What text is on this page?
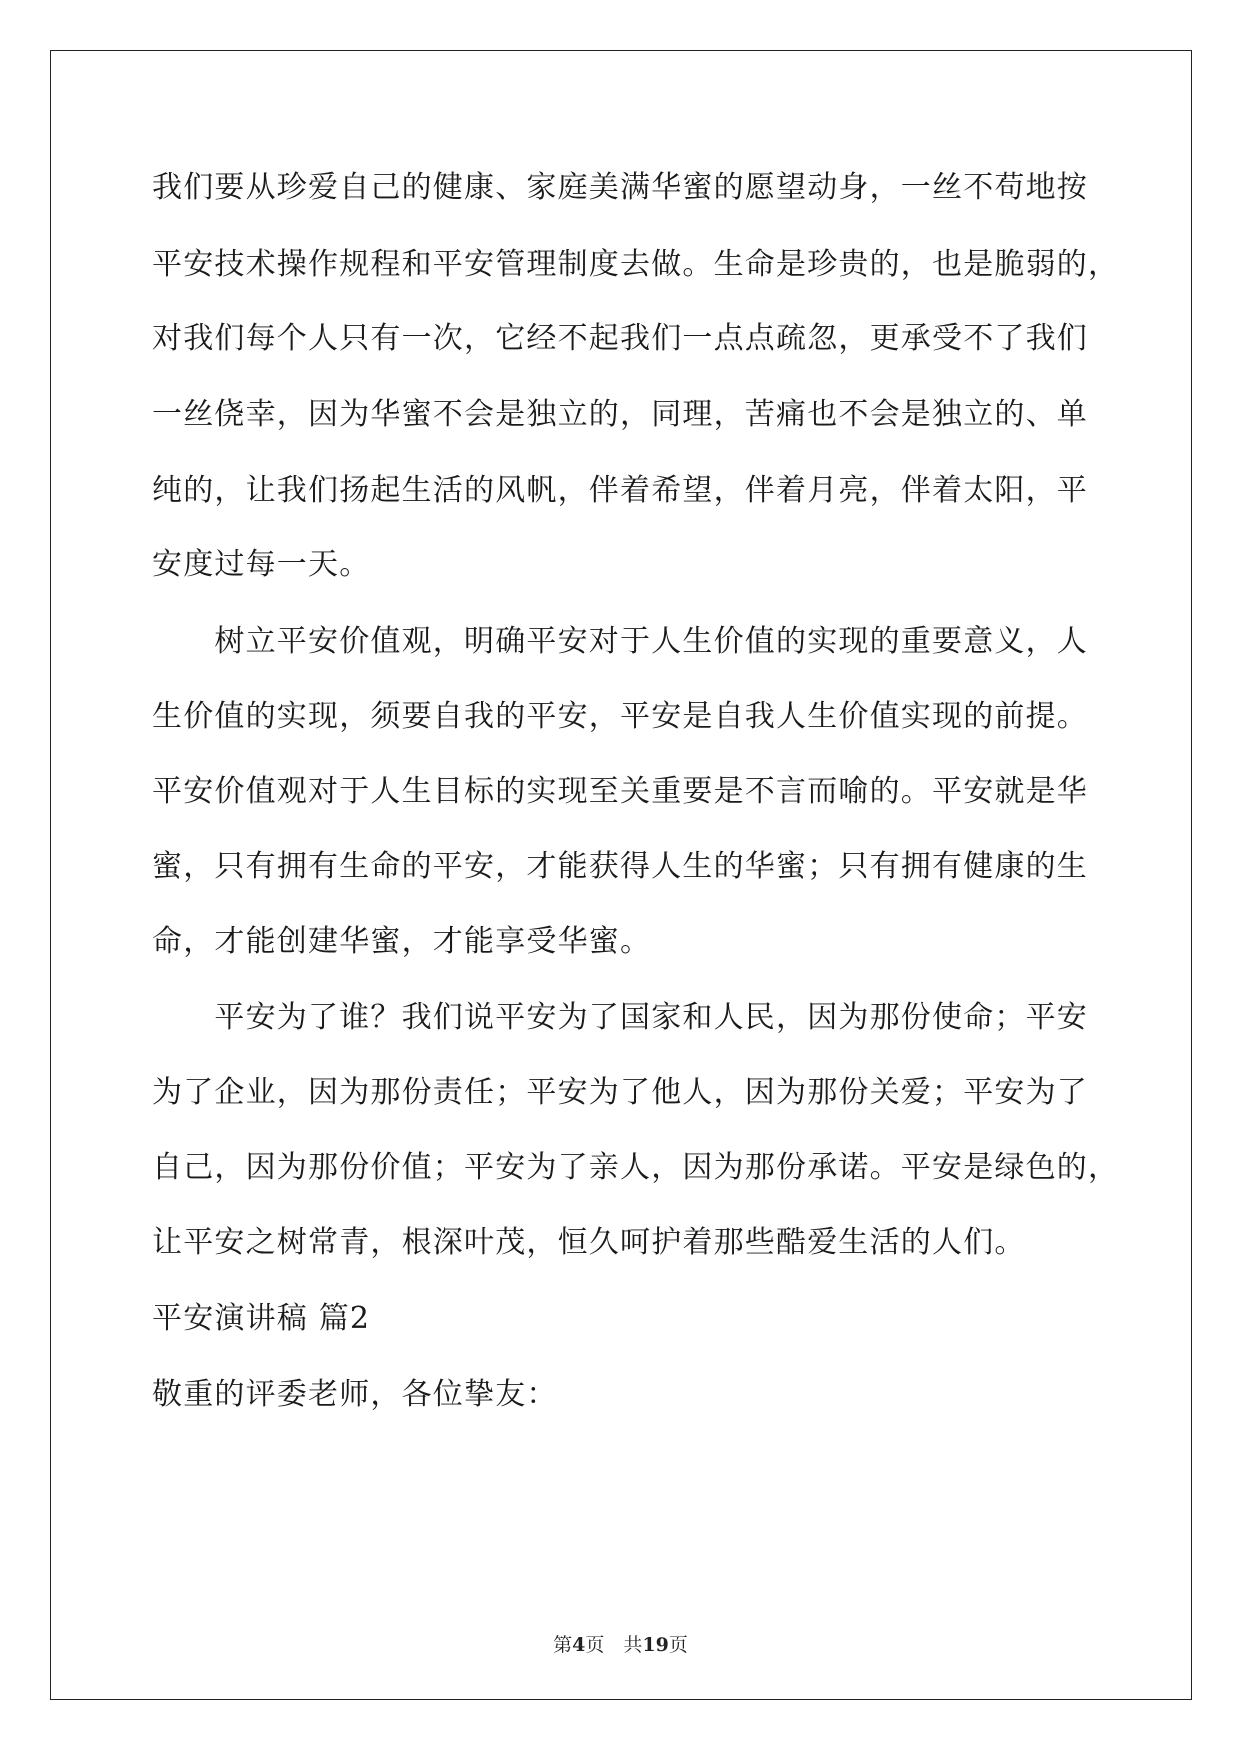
我们要从珍爱自己的健康、家庭美满华蜜的愿望动身，一丝不苟地按
平安技术操作规程和平安管理制度去做。生命是珍贵的，也是脆弱的，
对我们每个人只有一次，它经不起我们一点点疏忽，更承受不了我们
一丝侥幸，因为华蜜不会是独立的，同理，苦痛也不会是独立的、单
纯的，让我们扬起生活的风帆，伴着希望，伴着月亮，伴着太阳，平
安度过每一天。
　　树立平安价值观，明确平安对于人生价值的实现的重要意义，人
生价值的实现，须要自我的平安，平安是自我人生价值实现的前提。
平安价值观对于人生目标的实现至关重要是不言而喻的。平安就是华
蜜，只有拥有生命的平安，才能获得人生的华蜜；只有拥有健康的生
命，才能创建华蜜，才能享受华蜜。
　　平安为了谁？我们说平安为了国家和人民，因为那份使命；平安
为了企业，因为那份责任；平安为了他人，因为那份关爱；平安为了
自己，因为那份价值；平安为了亲人，因为那份承诺。平安是绿色的，
让平安之树常青，根深叶茂，恒久呵护着那些酷爱生活的人们。
平安演讲稿 篇2
敬重的评委老师，各位挚友：
第4页　共19页
